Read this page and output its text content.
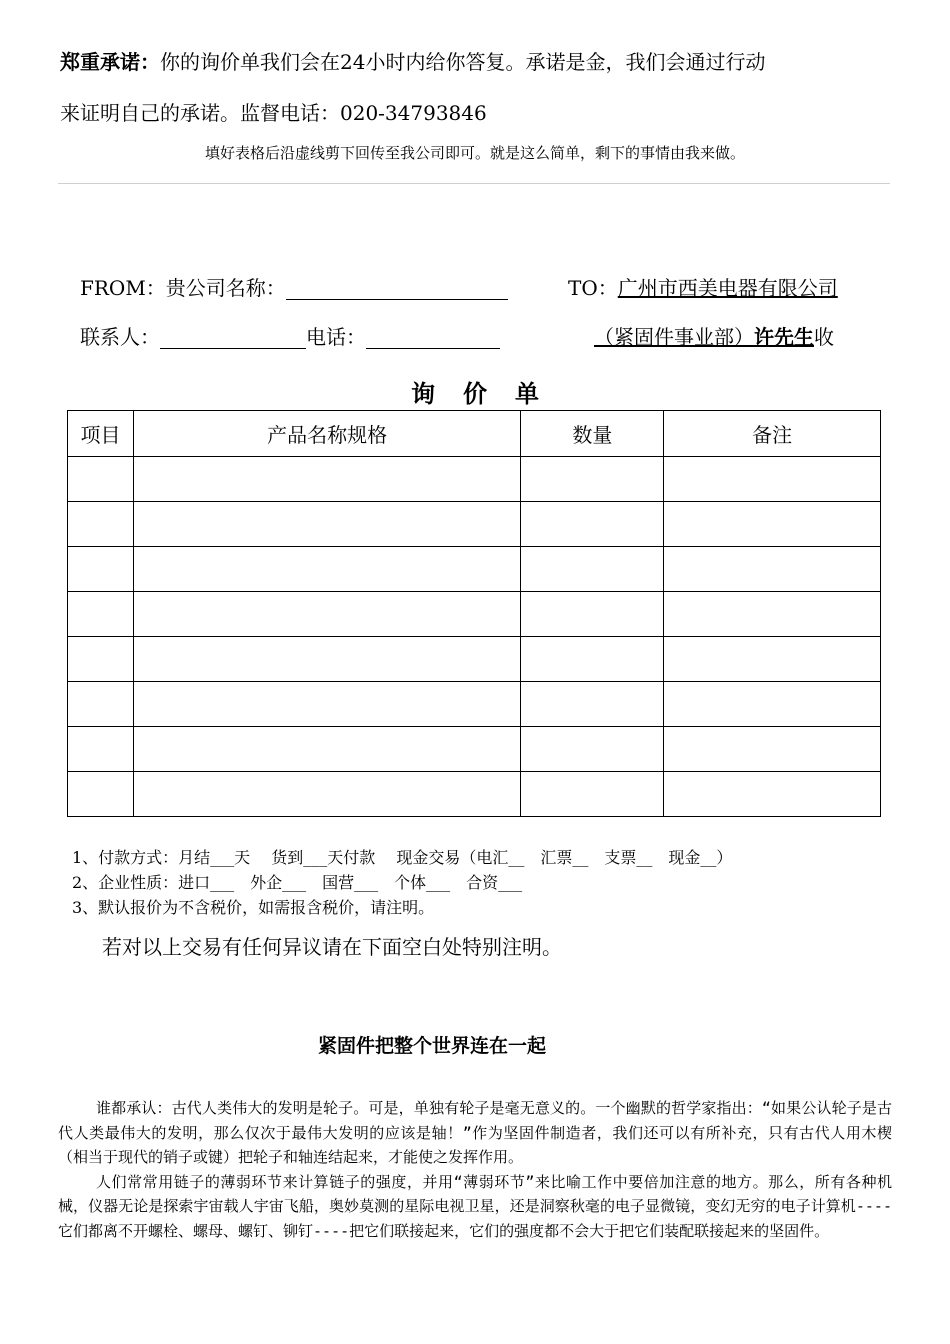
郑重承诺：你的询价单我们会在24小时内给你答复。承诺是金，我们会通过行动
来证明自己的承诺。监督电话：020-34793846
填好表格后沿虚线剪下回传至我公司即可。就是这么简单，剩下的事情由我来做。
FROM：贵公司名称：	TO：广州市西美电器有限公司
联系人：	电话：	（紧固件事业部）许先生收
询价单
项目	产品名称规格	数量	备注

1、付款方式：月结___天　 货到___天付款　 现金交易（电汇__　汇票__　支票__　现金__）
2、企业性质：进口___　外企___　国营___　个体___　合资___
3、默认报价为不含税价，如需报含税价，请注明。
若对以上交易有任何异议请在下面空白处特别注明。
紧固件把整个世界连在一起

谁都承认：古代人类伟大的发明是轮子。可是，单独有轮子是毫无意义的。一个幽默的哲学家指出：“如果公认轮子是古代人类最伟大的发明，那么仅次于最伟大发明的应该是轴！”作为坚固件制造者，我们还可以有所补充，只有古代人用木楔（相当于现代的销子或键）把轮子和轴连结起来，才能使之发挥作用。

人们常常用链子的薄弱环节来计算链子的强度，并用“薄弱环节”来比喻工作中要倍加注意的地方。那么，所有各种机械，仪器无论是探索宇宙载人宇宙飞船，奥妙莫测的星际电视卫星，还是洞察秋毫的电子显微镜，变幻无穷的电子计算机----它们都离不开螺栓、螺母、螺钉、铆钉----把它们联接起来，它们的强度都不会大于把它们装配联接起来的坚固件。
